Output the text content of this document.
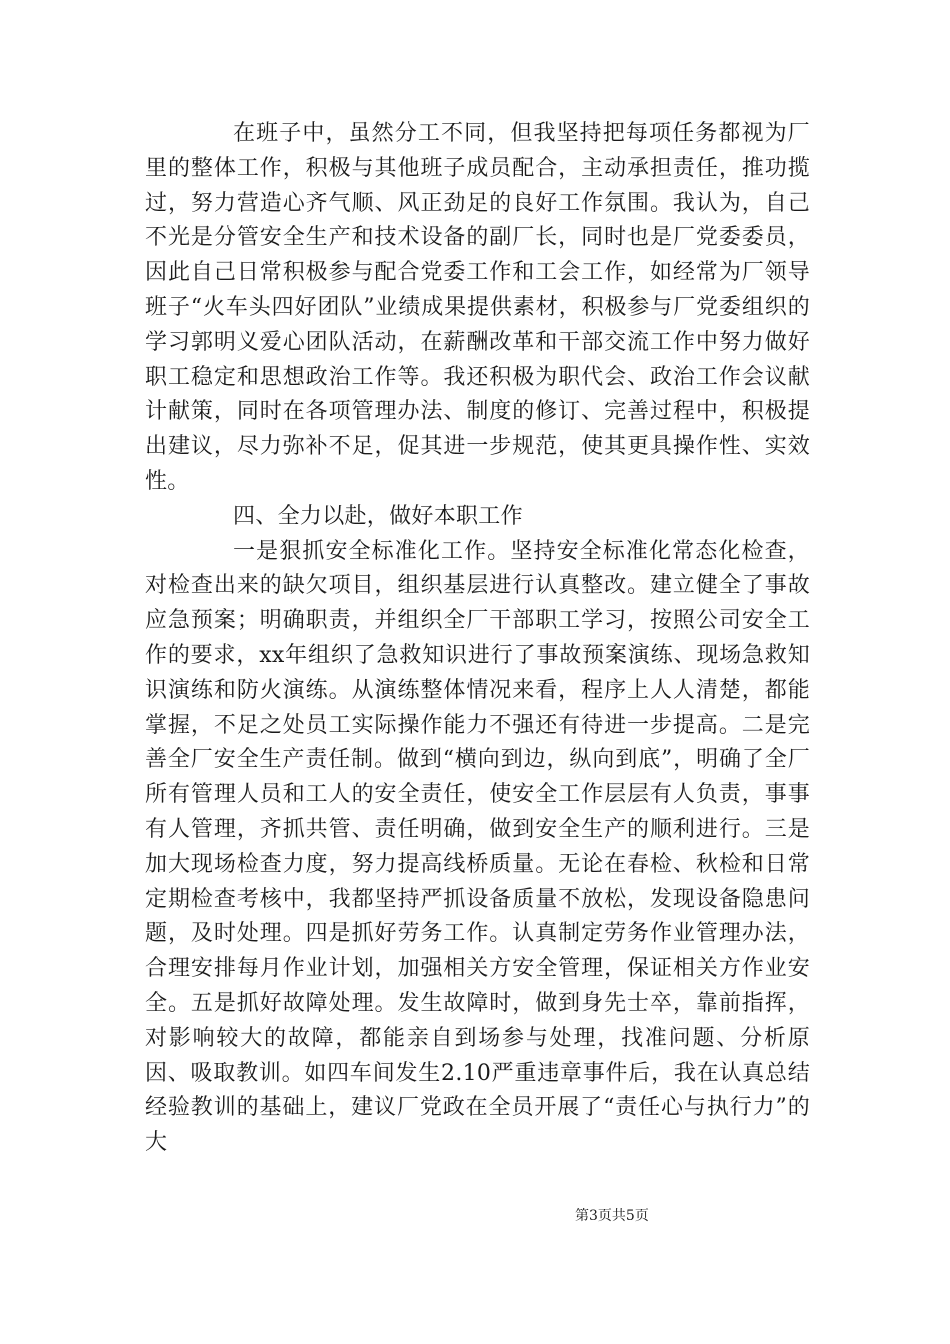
在班子中，虽然分工不同，但我坚持把每项任务都视为厂里的整体工作，积极与其他班子成员配合，主动承担责任，推功揽过，努力营造心齐气顺、风正劲足的良好工作氛围。我认为，自己不光是分管安全生产和技术设备的副厂长，同时也是厂党委委员，因此自己日常积极参与配合党委工作和工会工作，如经常为厂领导班子“火车头四好团队”业绩成果提供素材，积极参与厂党委组织的学习郭明义爱心团队活动，在薪酬改革和干部交流工作中努力做好职工稳定和思想政治工作等。我还积极为职代会、政治工作会议献计献策，同时在各项管理办法、制度的修订、完善过程中，积极提出建议，尽力弥补不足，促其进一步规范，使其更具操作性、实效性。

四、全力以赴，做好本职工作

一是狠抓安全标准化工作。坚持安全标准化常态化检查，对检查出来的缺欠项目，组织基层进行认真整改。建立健全了事故应急预案；明确职责，并组织全厂干部职工学习，按照公司安全工作的要求，xx年组织了急救知识进行了事故预案演练、现场急救知识演练和防火演练。从演练整体情况来看，程序上人人清楚，都能掌握，不足之处员工实际操作能力不强还有待进一步提高。二是完善全厂安全生产责任制。做到“横向到边，纵向到底”，明确了全厂所有管理人员和工人的安全责任，使安全工作层层有人负责，事事有人管理，齐抓共管、责任明确，做到安全生产的顺利进行。三是加大现场检查力度，努力提高线桥质量。无论在春检、秋检和日常定期检查考核中，我都坚持严抓设备质量不放松，发现设备隐患问题，及时处理。四是抓好劳务工作。认真制定劳务作业管理办法，合理安排每月作业计划，加强相关方安全管理，保证相关方作业安全。五是抓好故障处理。发生故障时，做到身先士卒，靠前指挥，对影响较大的故障，都能亲自到场参与处理，找准问题、分析原因、吸取教训。如四车间发生2.10严重违章事件后，我在认真总结经验教训的基础上，建议厂党政在全员开展了“责任心与执行力”的大

第3页共5页
